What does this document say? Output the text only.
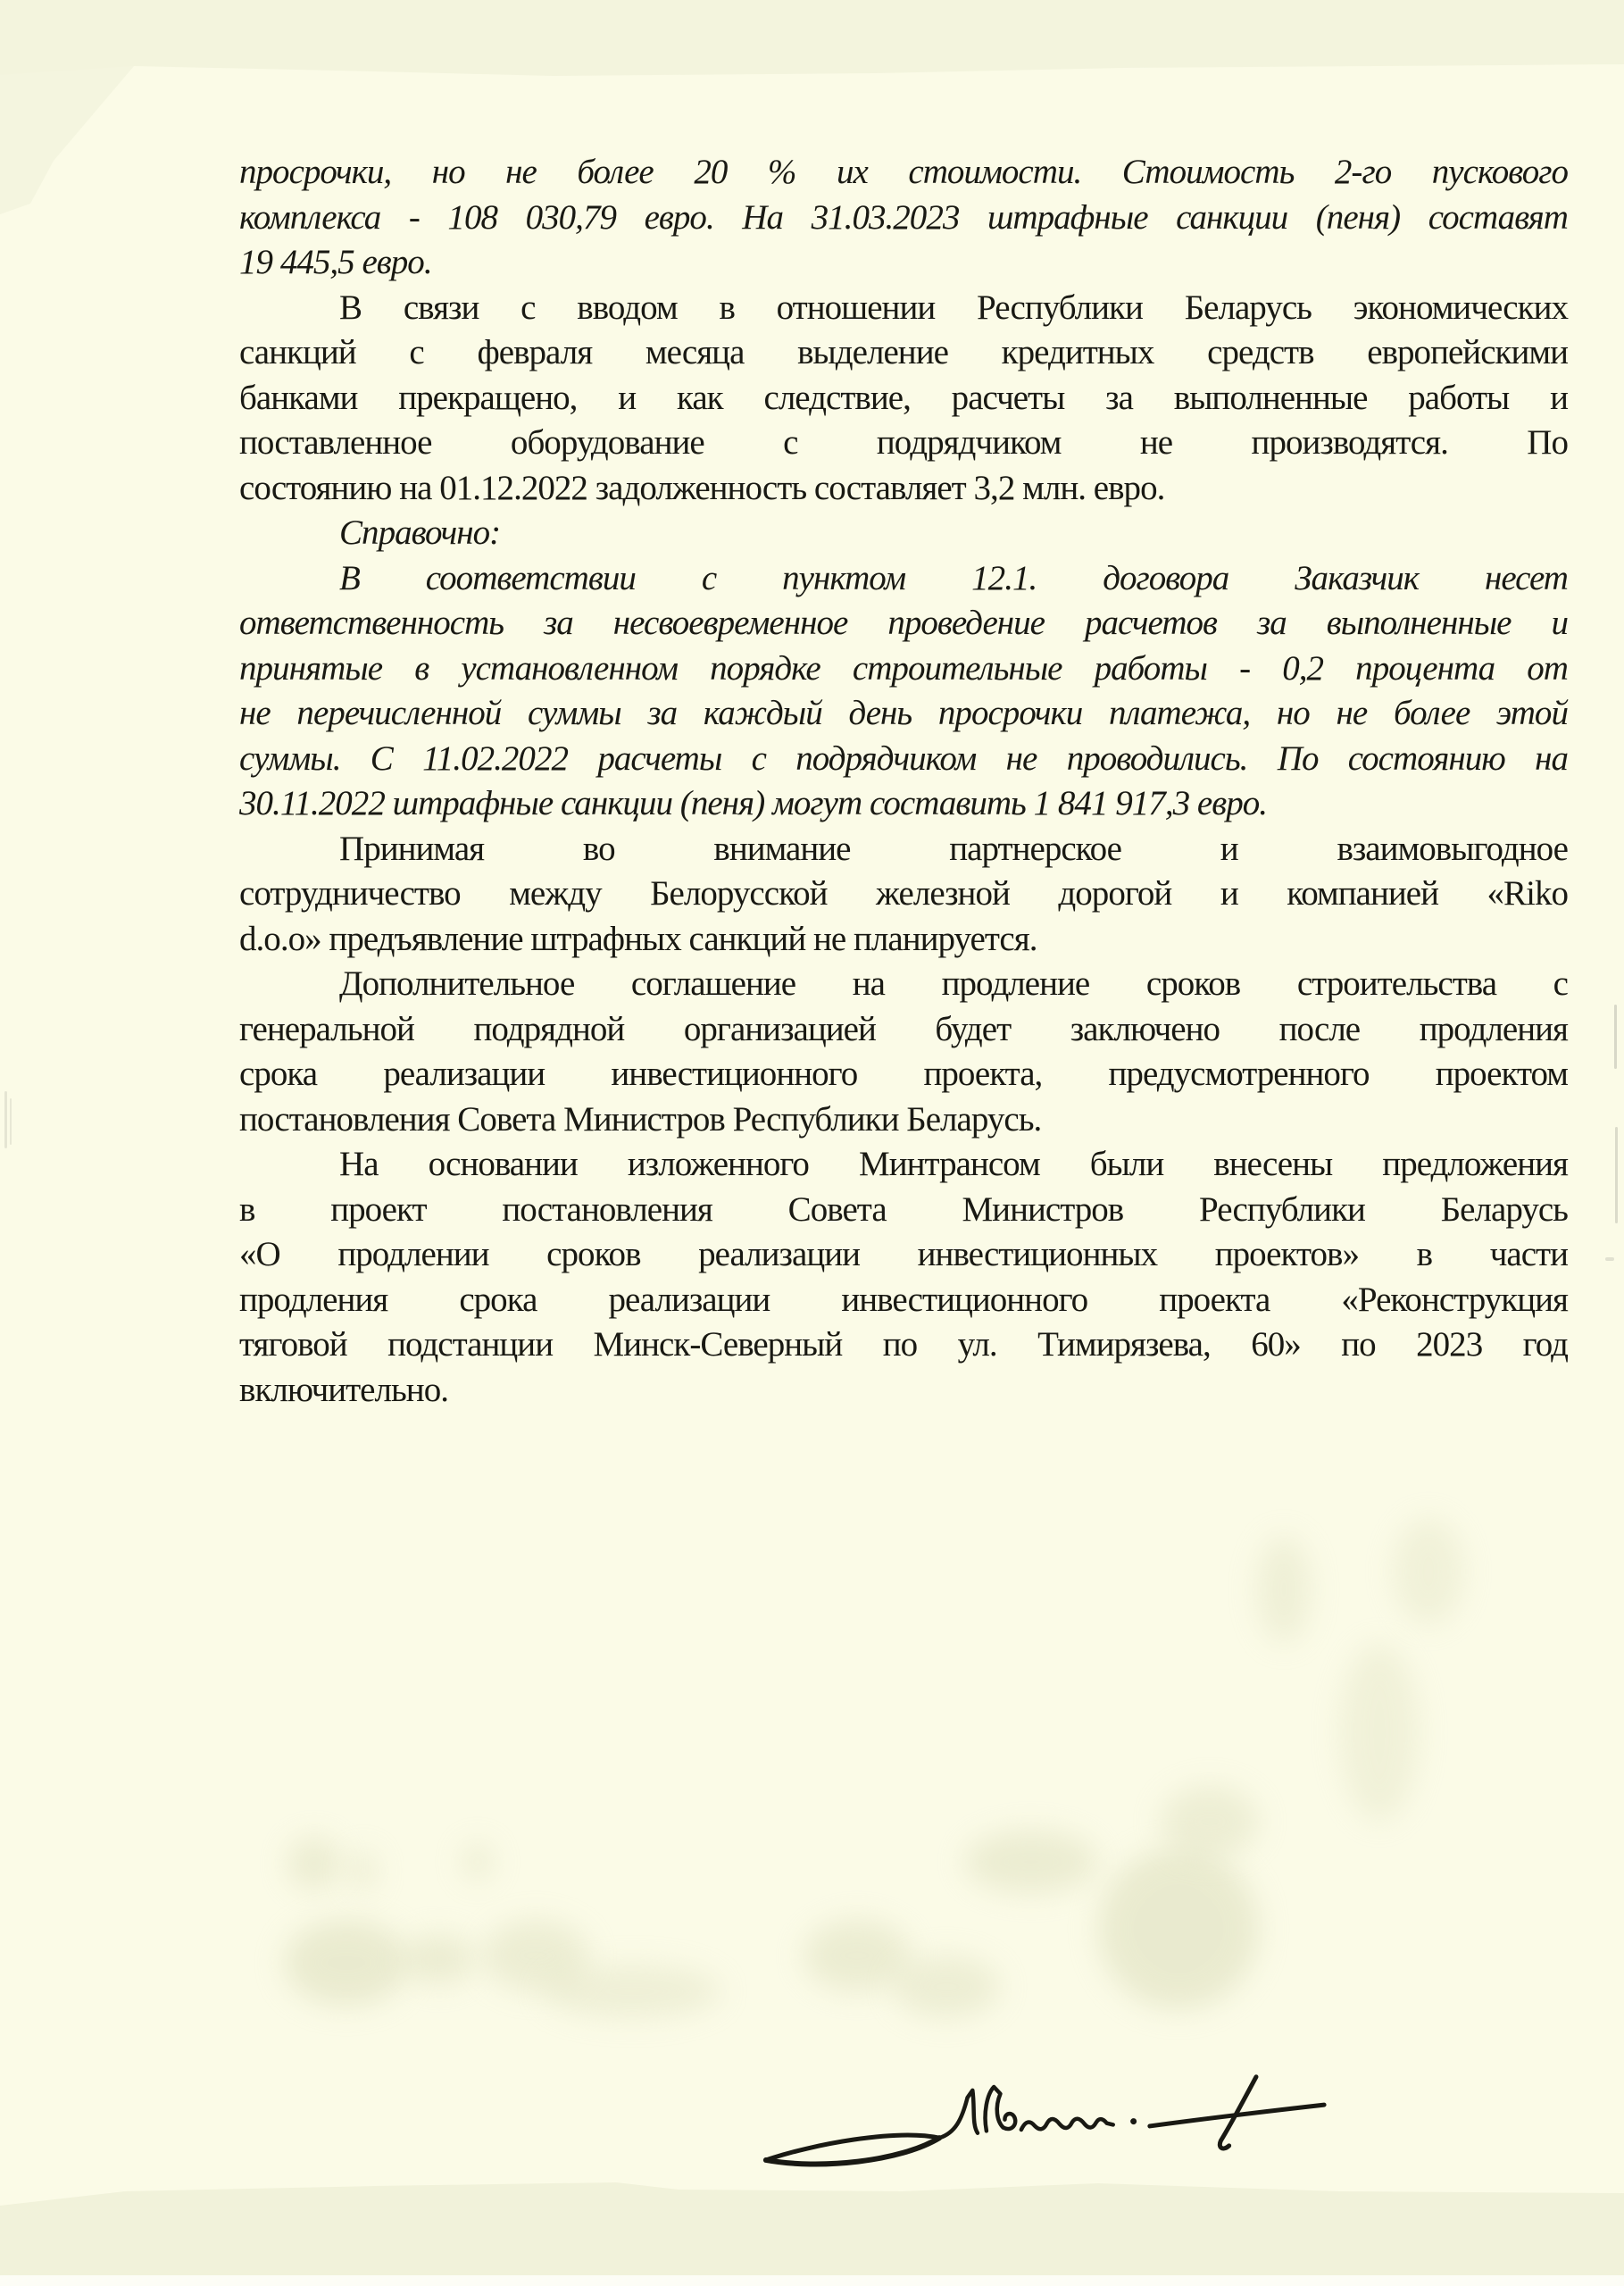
просрочки, но не более 20 % их стоимости. Стоимость 2-го пускового
комплекса - 108 030,79 евро. На 31.03.2023 штрафные санкции (пеня) составят
19 445,5 евро.
В связи с вводом в отношении Республики Беларусь экономических
санкций с февраля месяца выделение кредитных средств европейскими
банками прекращено, и как следствие, расчеты за выполненные работы и
поставленное оборудование с подрядчиком не производятся. По
состоянию на 01.12.2022 задолженность составляет 3,2 млн. евро.
Справочно:
В соответствии с пунктом 12.1. договора Заказчик несет
ответственность за несвоевременное проведение расчетов за выполненные и
принятые в установленном порядке строительные работы - 0,2 процента от
не перечисленной суммы за каждый день просрочки платежа, но не более этой
суммы. С 11.02.2022 расчеты с подрядчиком не проводились. По состоянию на
30.11.2022 штрафные санкции (пеня) могут составить 1 841 917,3 евро.
Принимая во внимание партнерское и взаимовыгодное
сотрудничество между Белорусской железной дорогой и компанией «Riko
d.o.o» предъявление штрафных санкций не планируется.
Дополнительное соглашение на продление сроков строительства с
генеральной подрядной организацией будет заключено после продления
срока реализации инвестиционного проекта, предусмотренного проектом
постановления Совета Министров Республики Беларусь.
На основании изложенного Минтрансом были внесены предложения
в проект постановления Совета Министров Республики Беларусь
«О продлении сроков реализации инвестиционных проектов» в части
продления срока реализации инвестиционного проекта «Реконструкция
тяговой подстанции Минск-Северный по ул. Тимирязева, 60» по 2023 год
включительно.
